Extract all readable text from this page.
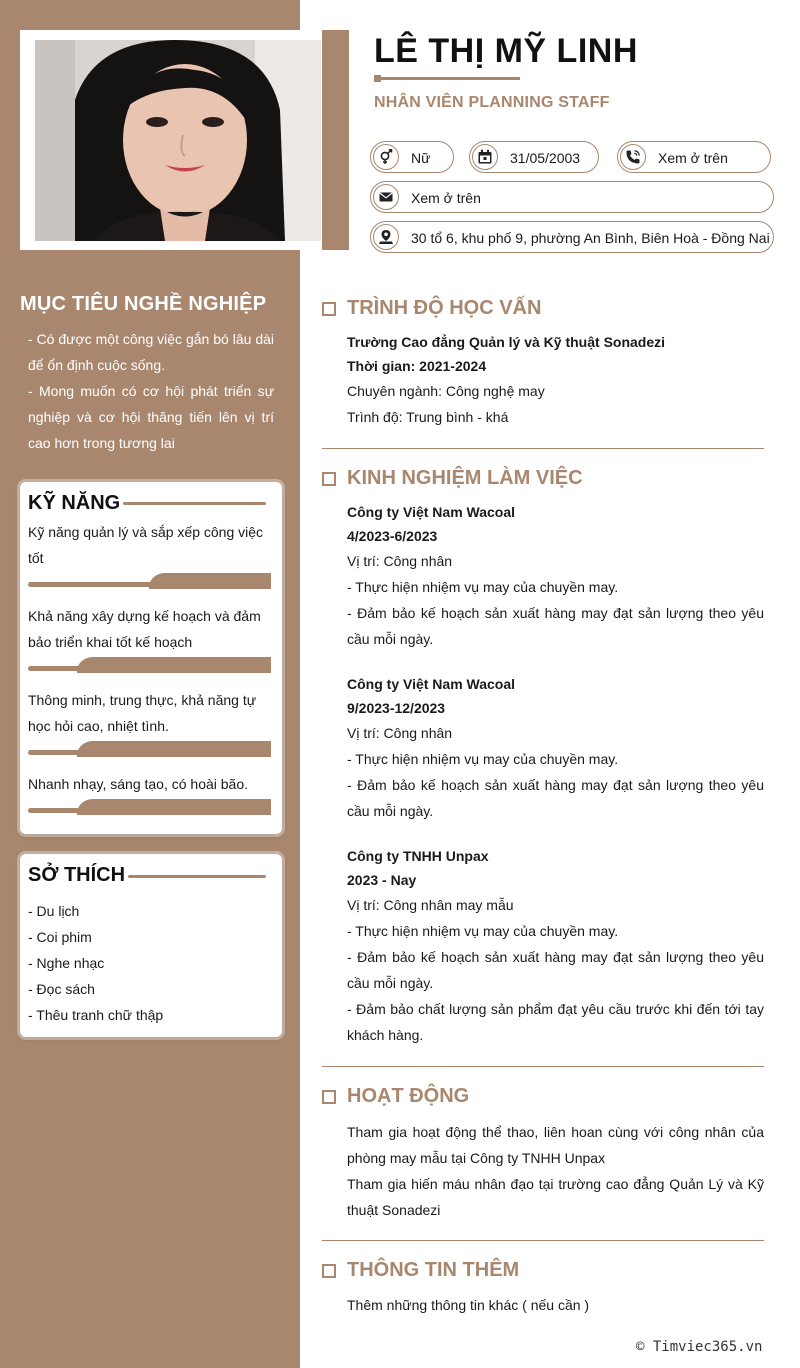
MỤC TIÊU NGHỀ NGHIỆP
- Có được một công việc gắn bó lâu dài để ổn định cuộc sống.
- Mong muốn có cơ hội phát triển sự nghiệp và cơ hội thăng tiến lên vị trí cao hơn trong tương lai
KỸ NĂNG
Kỹ năng quản lý và sắp xếp công việc tốt
Khả năng xây dựng kế hoạch và đảm bảo triển khai tốt kế hoạch
Thông minh, trung thực, khả năng tự học hỏi cao, nhiệt tình.
Nhanh nhạy, sáng tạo, có hoài bão.
SỞ THÍCH
- Du lịch
- Coi phim
- Nghe nhạc
- Đọc sách
- Thêu tranh chữ thập
LÊ THỊ MỸ LINH
NHÂN VIÊN PLANNING STAFF
Nữ	31/05/2003	Xem ở trên
Xem ở trên
30 tổ 6, khu phố 9, phường An Bình, Biên Hoà - Đồng Nai
TRÌNH ĐỘ HỌC VẤN
Trường Cao đẳng Quản lý và Kỹ thuật Sonadezi
Thời gian: 2021-2024
Chuyên ngành: Công nghệ may
Trình độ: Trung bình - khá
KINH NGHIỆM LÀM VIỆC
Công ty Việt Nam Wacoal
4/2023-6/2023
Vị trí: Công nhân
- Thực hiện nhiệm vụ may của chuyền may.
- Đảm bảo kế hoạch sản xuất hàng may đạt sản lượng theo yêu cầu mỗi ngày.
Công ty Việt Nam Wacoal
9/2023-12/2023
Vị trí: Công nhân
- Thực hiện nhiệm vụ may của chuyền may.
- Đảm bảo kế hoạch sản xuất hàng may đạt sản lượng theo yêu cầu mỗi ngày.
Công ty TNHH Unpax
2023 - Nay
Vị trí: Công nhân may mẫu
- Thực hiện nhiệm vụ may của chuyền may.
- Đảm bảo kế hoạch sản xuất hàng may đạt sản lượng theo yêu cầu mỗi ngày.
- Đảm bảo chất lượng sản phẩm đạt yêu cầu trước khi đến tới tay khách hàng.
HOẠT ĐỘNG
Tham gia hoạt động thể thao, liên hoan cùng với công nhân của phòng may mẫu tại Công ty TNHH Unpax
Tham gia hiến máu nhân đạo tại trường cao đẳng Quản Lý và Kỹ thuật Sonadezi
THÔNG TIN THÊM
Thêm những thông tin khác ( nếu cần )
© Timviec365.vn
